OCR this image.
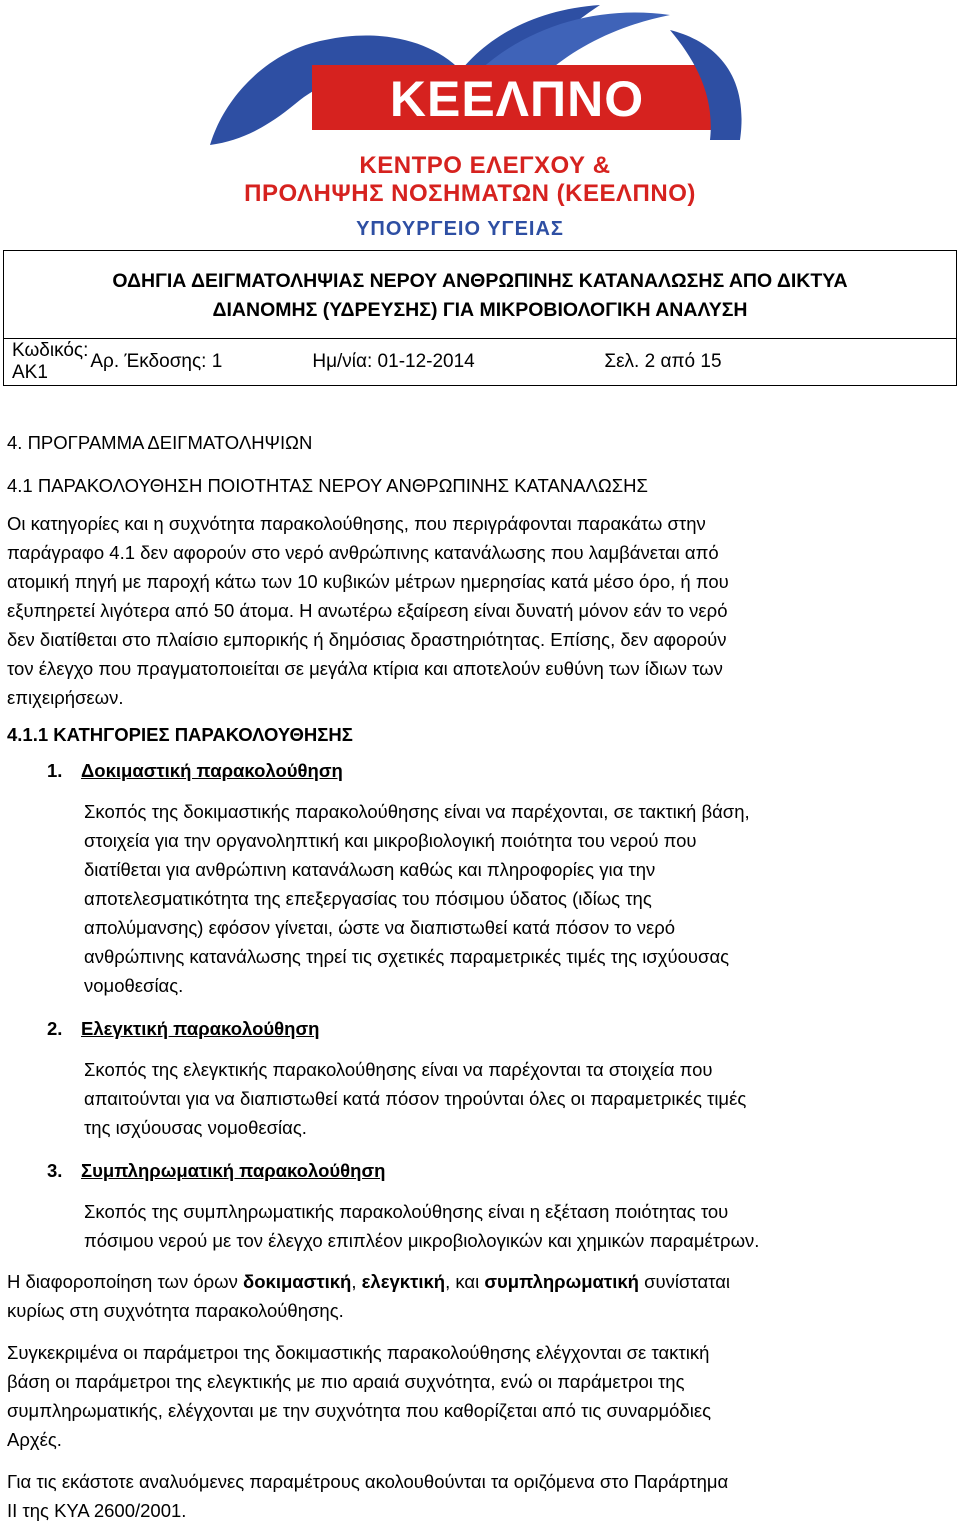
ΚΕΕΛΠΝΟ
ΚΕΝΤΡΟ ΕΛΕΓΧΟΥ &
ΠΡΟΛΗΨΗΣ ΝΟΣΗΜΑΤΩΝ (ΚΕΕΛΠΝΟ)
ΥΠΟΥΡΓΕΙΟ ΥΓΕΙΑΣ
ΟΔΗΓΙΑ ΔΕΙΓΜΑΤΟΛΗΨΙΑΣ ΝΕΡΟΥ ΑΝΘΡΩΠΙΝΗΣ ΚΑΤΑΝΑΛΩΣΗΣ ΑΠΟ ΔΙΚΤΥΑ
ΔΙΑΝΟΜΗΣ (ΥΔΡΕΥΣΗΣ) ΓΙΑ ΜΙΚΡΟΒΙΟΛΟΓΙΚΗ ΑΝΑΛΥΣΗ

Κωδικός: ΑΚ1	Αρ. Έκδοσης: 1	Ημ/νία: 01-12-2014	Σελ. 2 από 15

4. ΠΡΟΓΡΑΜΜΑ ΔΕΙΓΜΑΤΟΛΗΨΙΩΝ

4.1 ΠΑΡΑΚΟΛΟΥΘΗΣΗ ΠΟΙΟΤΗΤΑΣ ΝΕΡΟΥ ΑΝΘΡΩΠΙΝΗΣ ΚΑΤΑΝΑΛΩΣΗΣ

Οι κατηγορίες και η συχνότητα παρακολούθησης, που περιγράφονται παρακάτω στην

παράγραφο 4.1 δεν αφορούν στο νερό ανθρώπινης κατανάλωσης που λαμβάνεται από

ατομική πηγή με παροχή κάτω των 10 κυβικών μέτρων ημερησίας κατά μέσο όρο, ή που

εξυπηρετεί λιγότερα από 50 άτομα. Η ανωτέρω εξαίρεση είναι δυνατή μόνον εάν το νερό

δεν διατίθεται στο πλαίσιο εμπορικής ή δημόσιας δραστηριότητας. Επίσης, δεν αφορούν

τον έλεγχο που πραγματοποιείται σε μεγάλα κτίρια και αποτελούν ευθύνη των ίδιων των

επιχειρήσεων.

4.1.1 ΚΑΤΗΓΟΡΙΕΣ ΠΑΡΑΚΟΛΟΥΘΗΣΗΣ

1. Δοκιμαστική παρακολούθηση

Σκοπός της δοκιμαστικής παρακολούθησης είναι να παρέχονται, σε τακτική βάση,

στοιχεία για την οργανοληπτική και μικροβιολογική ποιότητα του νερού που

διατίθεται για ανθρώπινη κατανάλωση καθώς και πληροφορίες για την

αποτελεσματικότητα της επεξεργασίας του πόσιμου ύδατος (ιδίως της

απολύμανσης) εφόσον γίνεται, ώστε να διαπιστωθεί κατά πόσον το νερό

ανθρώπινης κατανάλωσης τηρεί τις σχετικές παραμετρικές τιμές της ισχύουσας

νομοθεσίας.

2. Ελεγκτική παρακολούθηση

Σκοπός της ελεγκτικής παρακολούθησης είναι να παρέχονται τα στοιχεία που

απαιτούνται για να διαπιστωθεί κατά πόσον τηρούνται όλες οι παραμετρικές τιμές

της ισχύουσας νομοθεσίας.

3. Συμπληρωματική παρακολούθηση

Σκοπός της συμπληρωματικής παρακολούθησης είναι η εξέταση ποιότητας του

πόσιμου νερού με τον έλεγχο επιπλέον μικροβιολογικών και χημικών παραμέτρων.

Η διαφοροποίηση των όρων δοκιμαστική, ελεγκτική, και συμπληρωματική συνίσταται

κυρίως στη συχνότητα παρακολούθησης.

Συγκεκριμένα οι παράμετροι της δοκιμαστικής παρακολούθησης ελέγχονται σε τακτική

βάση οι παράμετροι της ελεγκτικής με πιο αραιά συχνότητα, ενώ οι παράμετροι της

συμπληρωματικής, ελέγχονται με την συχνότητα που καθορίζεται από τις συναρμόδιες

Αρχές.

Για τις εκάστοτε αναλυόμενες παραμέτρους ακολουθούνται τα οριζόμενα στο Παράρτημα

ΙΙ της ΚΥΑ 2600/2001.
